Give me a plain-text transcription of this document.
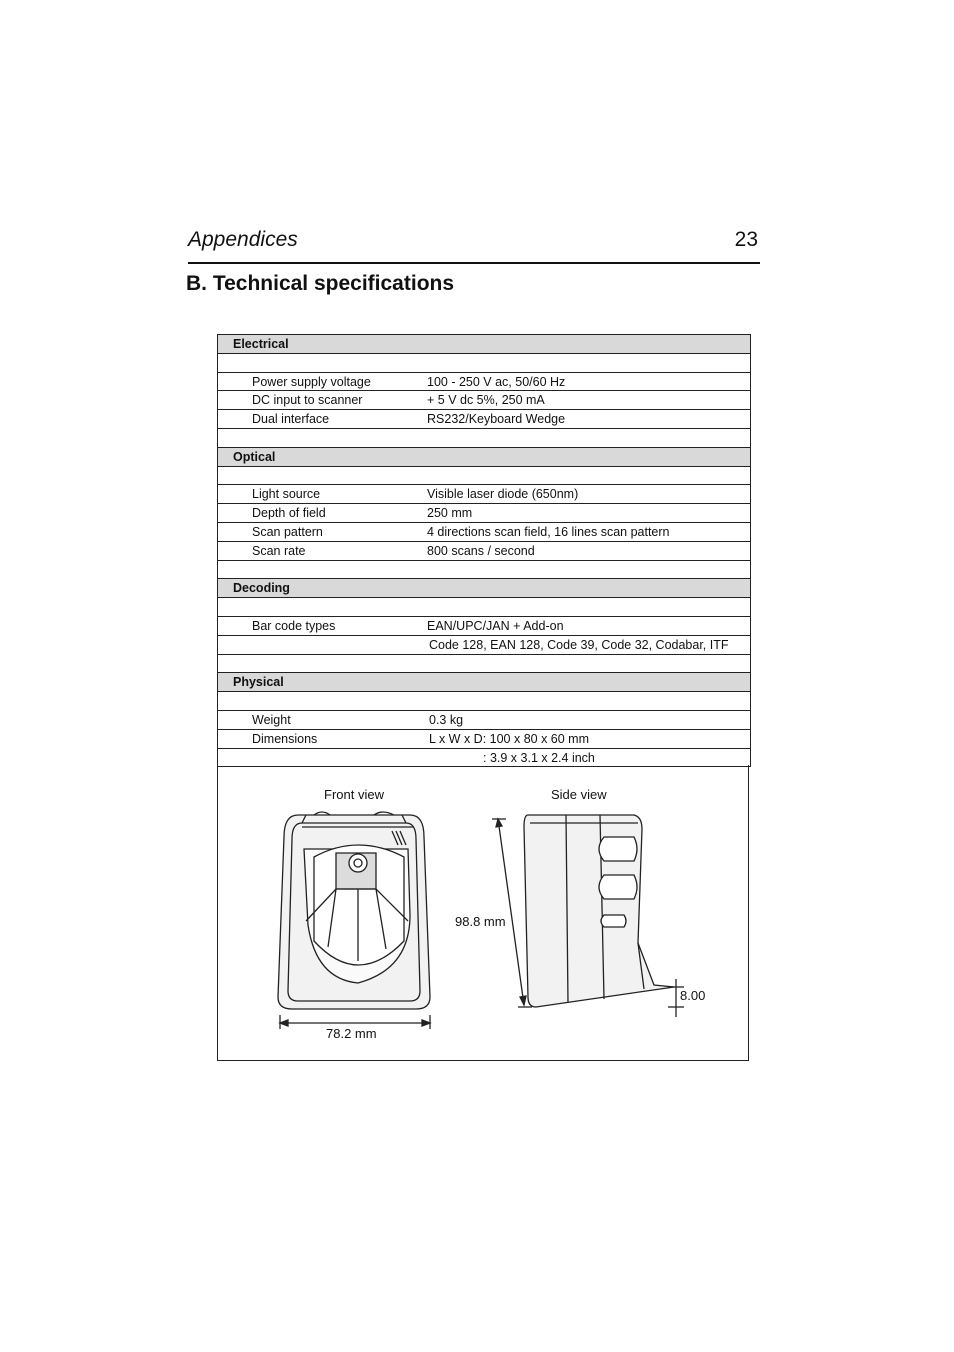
Appendices	23
B. Technical specifications
Electrical
Power supply voltage	100 - 250 V ac, 50/60 Hz
DC input to scanner	+ 5 V dc 5%, 250 mA
Dual interface	RS232/Keyboard Wedge
Optical
Light source	Visible laser diode (650nm)
Depth of field	250 mm
Scan pattern	4 directions scan field, 16 lines scan pattern
Scan rate	800 scans / second
Decoding
Bar code types	EAN/UPC/JAN + Add-on
Code 128, EAN 128, Code 39, Code 32, Codabar, ITF
Physical
Weight	0.3 kg
Dimensions	L x W x D: 100 x 80 x 60 mm
: 3.9 x 3.1 x 2.4 inch
Front view	Side view
78.2 mm
98.8 mm
8.00
